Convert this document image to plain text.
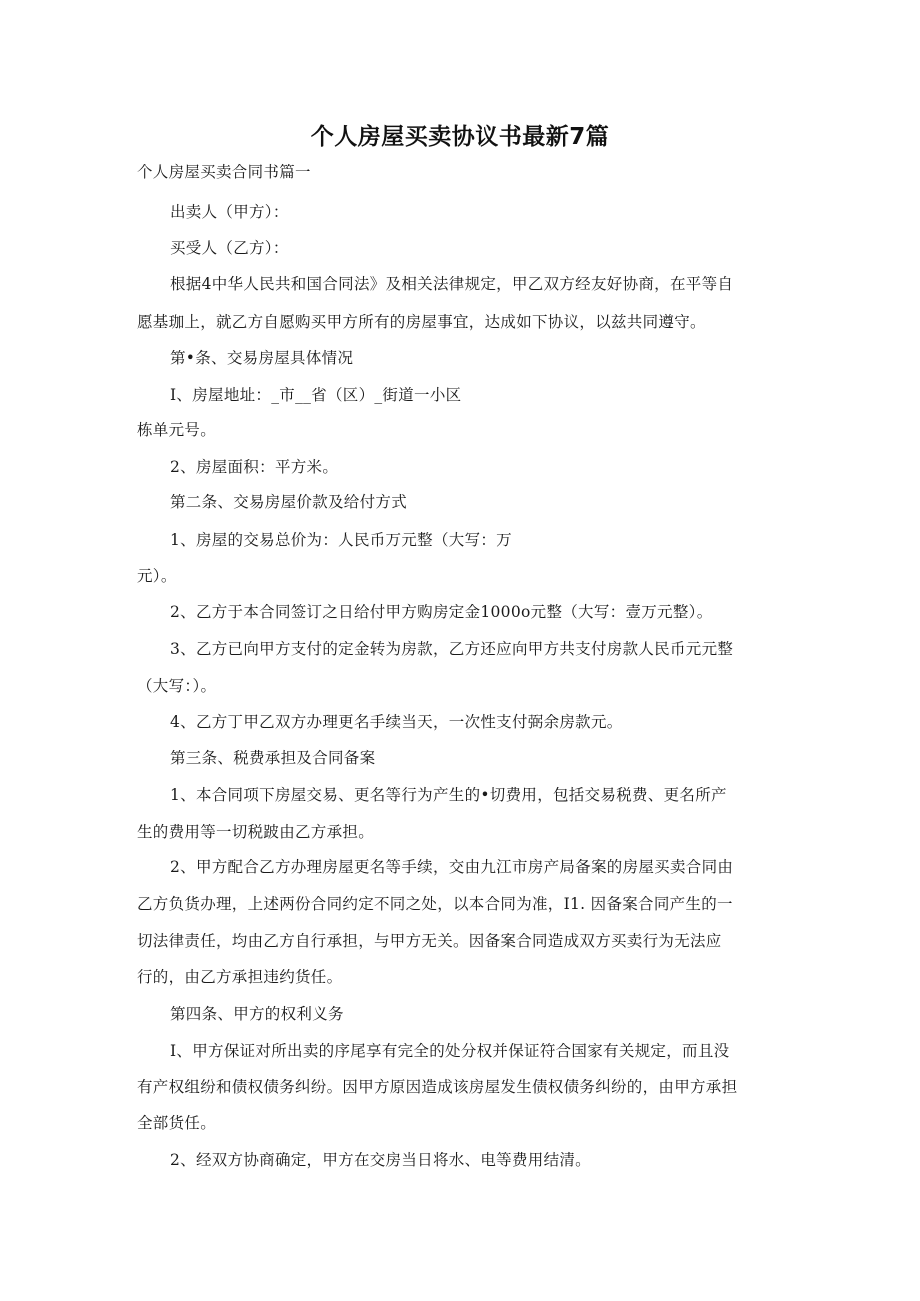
个人房屋买卖协议书最新7篇
个人房屋买卖合同书篇一
出卖人（甲方）：
买受人（乙方）：
根据4中华人民共和国合同法》及相关法律规定，甲乙双方经友好协商，在平等自
愿基珈上，就乙方自愿购买甲方所有的房屋事宜，达成如下协议，以兹共同遵守。
第•条、交易房屋具体情况
I、房屋地址：_市__省（区）_街道一小区
栋单元号。
2、房屋面积：平方米。
第二条、交易房屋价款及给付方式
1、房屋的交易总价为：人民币万元整（大写：万
元）。
2、乙方于本合同签订之日给付甲方购房定金1000o元整（大写：壹万元整）。
3、乙方已向甲方支付的定金转为房款，乙方还应向甲方共支付房款人民币元元整
（大写：）。
4、乙方丁甲乙双方办理更名手续当天，一次性支付弼余房款元。
第三条、税费承担及合同备案
1、本合同项下房屋交易、更名等行为产生的•切费用，包括交易税费、更名所产
生的费用等一切税跛由乙方承担。
2、甲方配合乙方办理房屋更名等手续，交由九江市房产局备案的房屋买卖合同由
乙方负货办理，上述两份合同约定不同之处，以本合同为准，I1. 因备案合同产生的一
切法律责任，均由乙方自行承担，与甲方无关。因备案合同造成双方买卖行为无法应
行的，由乙方承担违约货任。
第四条、甲方的权利义务
I、甲方保证对所出卖的序尾享有完全的处分权并保证符合国家有关规定，而且没
有产权组纷和债权债务纠纷。因甲方原因造成该房屋发生债权债务纠纷的，由甲方承担
全部货任。
2、经双方协商确定，甲方在交房当日将水、电等费用结清。
